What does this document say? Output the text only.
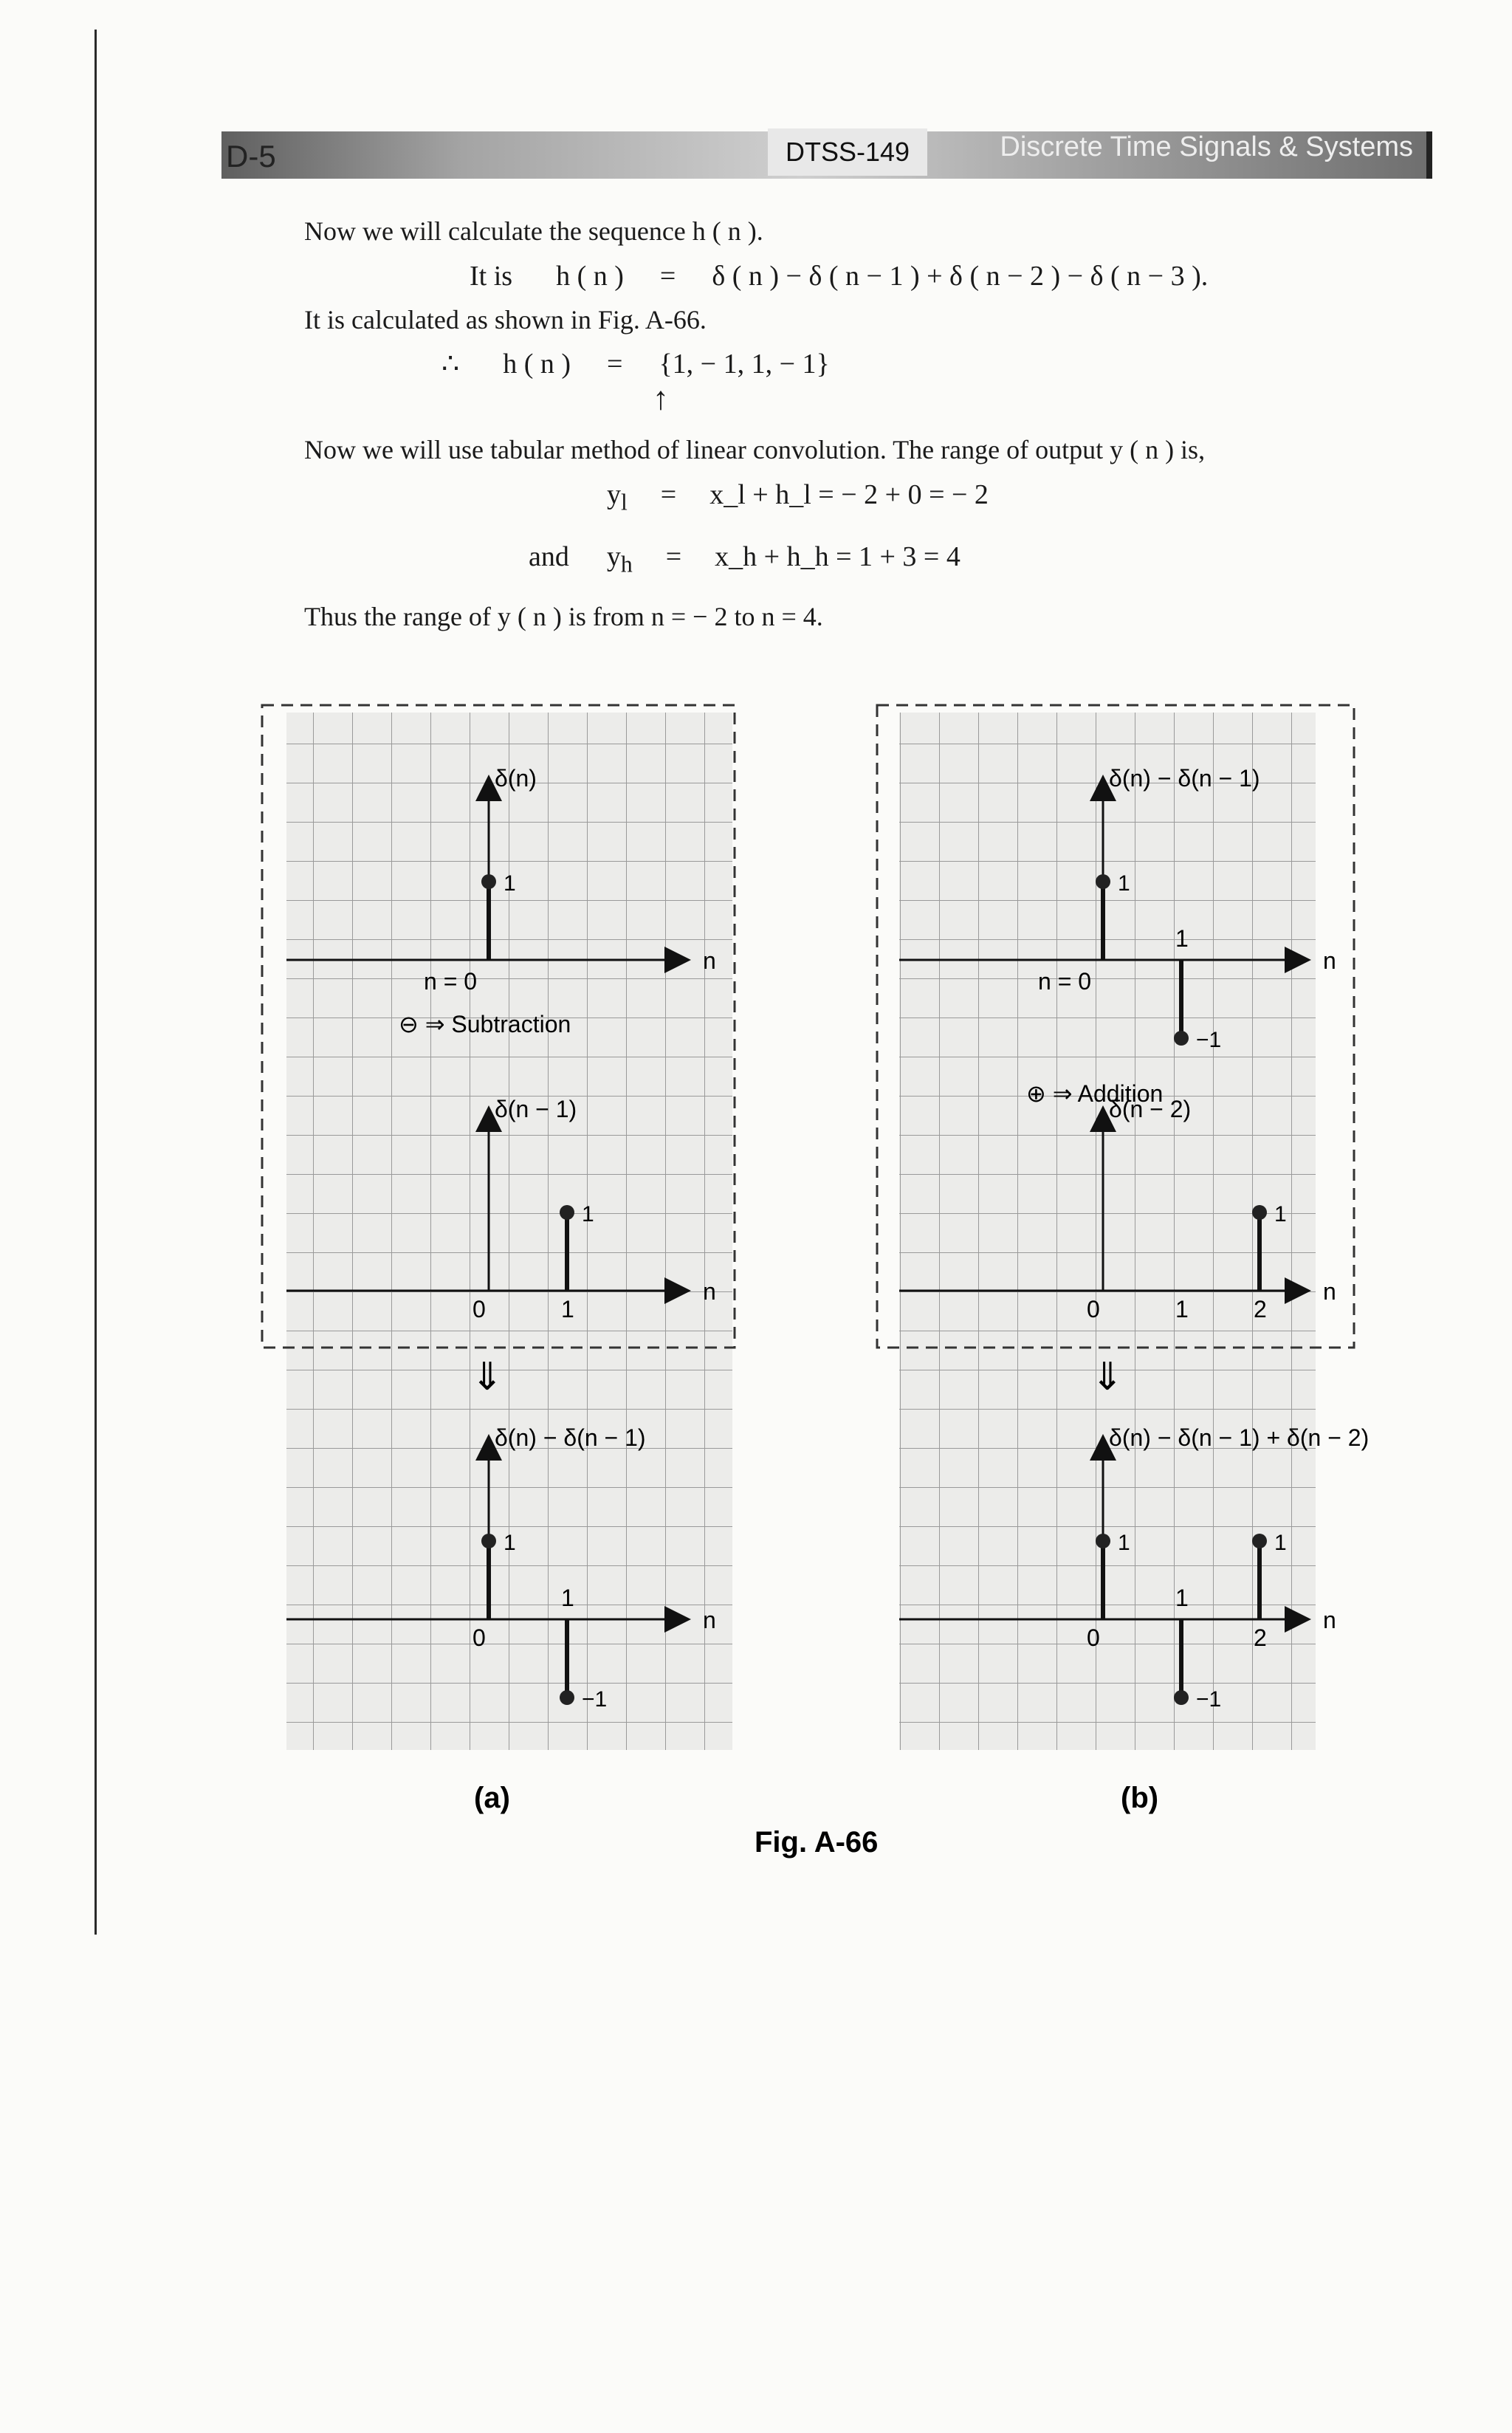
D-5	DTSS-149	Discrete Time Signals & Systems
Now we will calculate the sequence h ( n ).
It is h ( n ) = δ ( n ) − δ ( n − 1 ) + δ ( n − 2 ) − δ ( n − 3 ).
It is calculated as shown in Fig. A-66.
∴ h ( n ) = {1, − 1, 1, − 1}
↑
Now we will use tabular method of linear convolution. The range of output y ( n ) is,
$y_l$ = x_l + h_l = − 2 + 0 = − 2
and $y_h$ = x_h + h_h = 1 + 3 = 4
Thus the range of y ( n ) is from n = − 2 to n = 4.
n
δ(n)
n = 0
1
n
δ(n − 1)
0	1
1
n
δ(n) − δ(n − 1)
0
1
1
−1
n
δ(n) − δ(n − 1)
n = 0
1
1
−1
n
δ(n − 2)
0	1	2
1
n
δ(n) − δ(n − 1) + δ(n − 2)
0
1
2
1
−1
1
⊖ ⇒ Subtraction
⊕ ⇒ Addition
⇓	⇓
(a)	(b)
Fig. A-66
